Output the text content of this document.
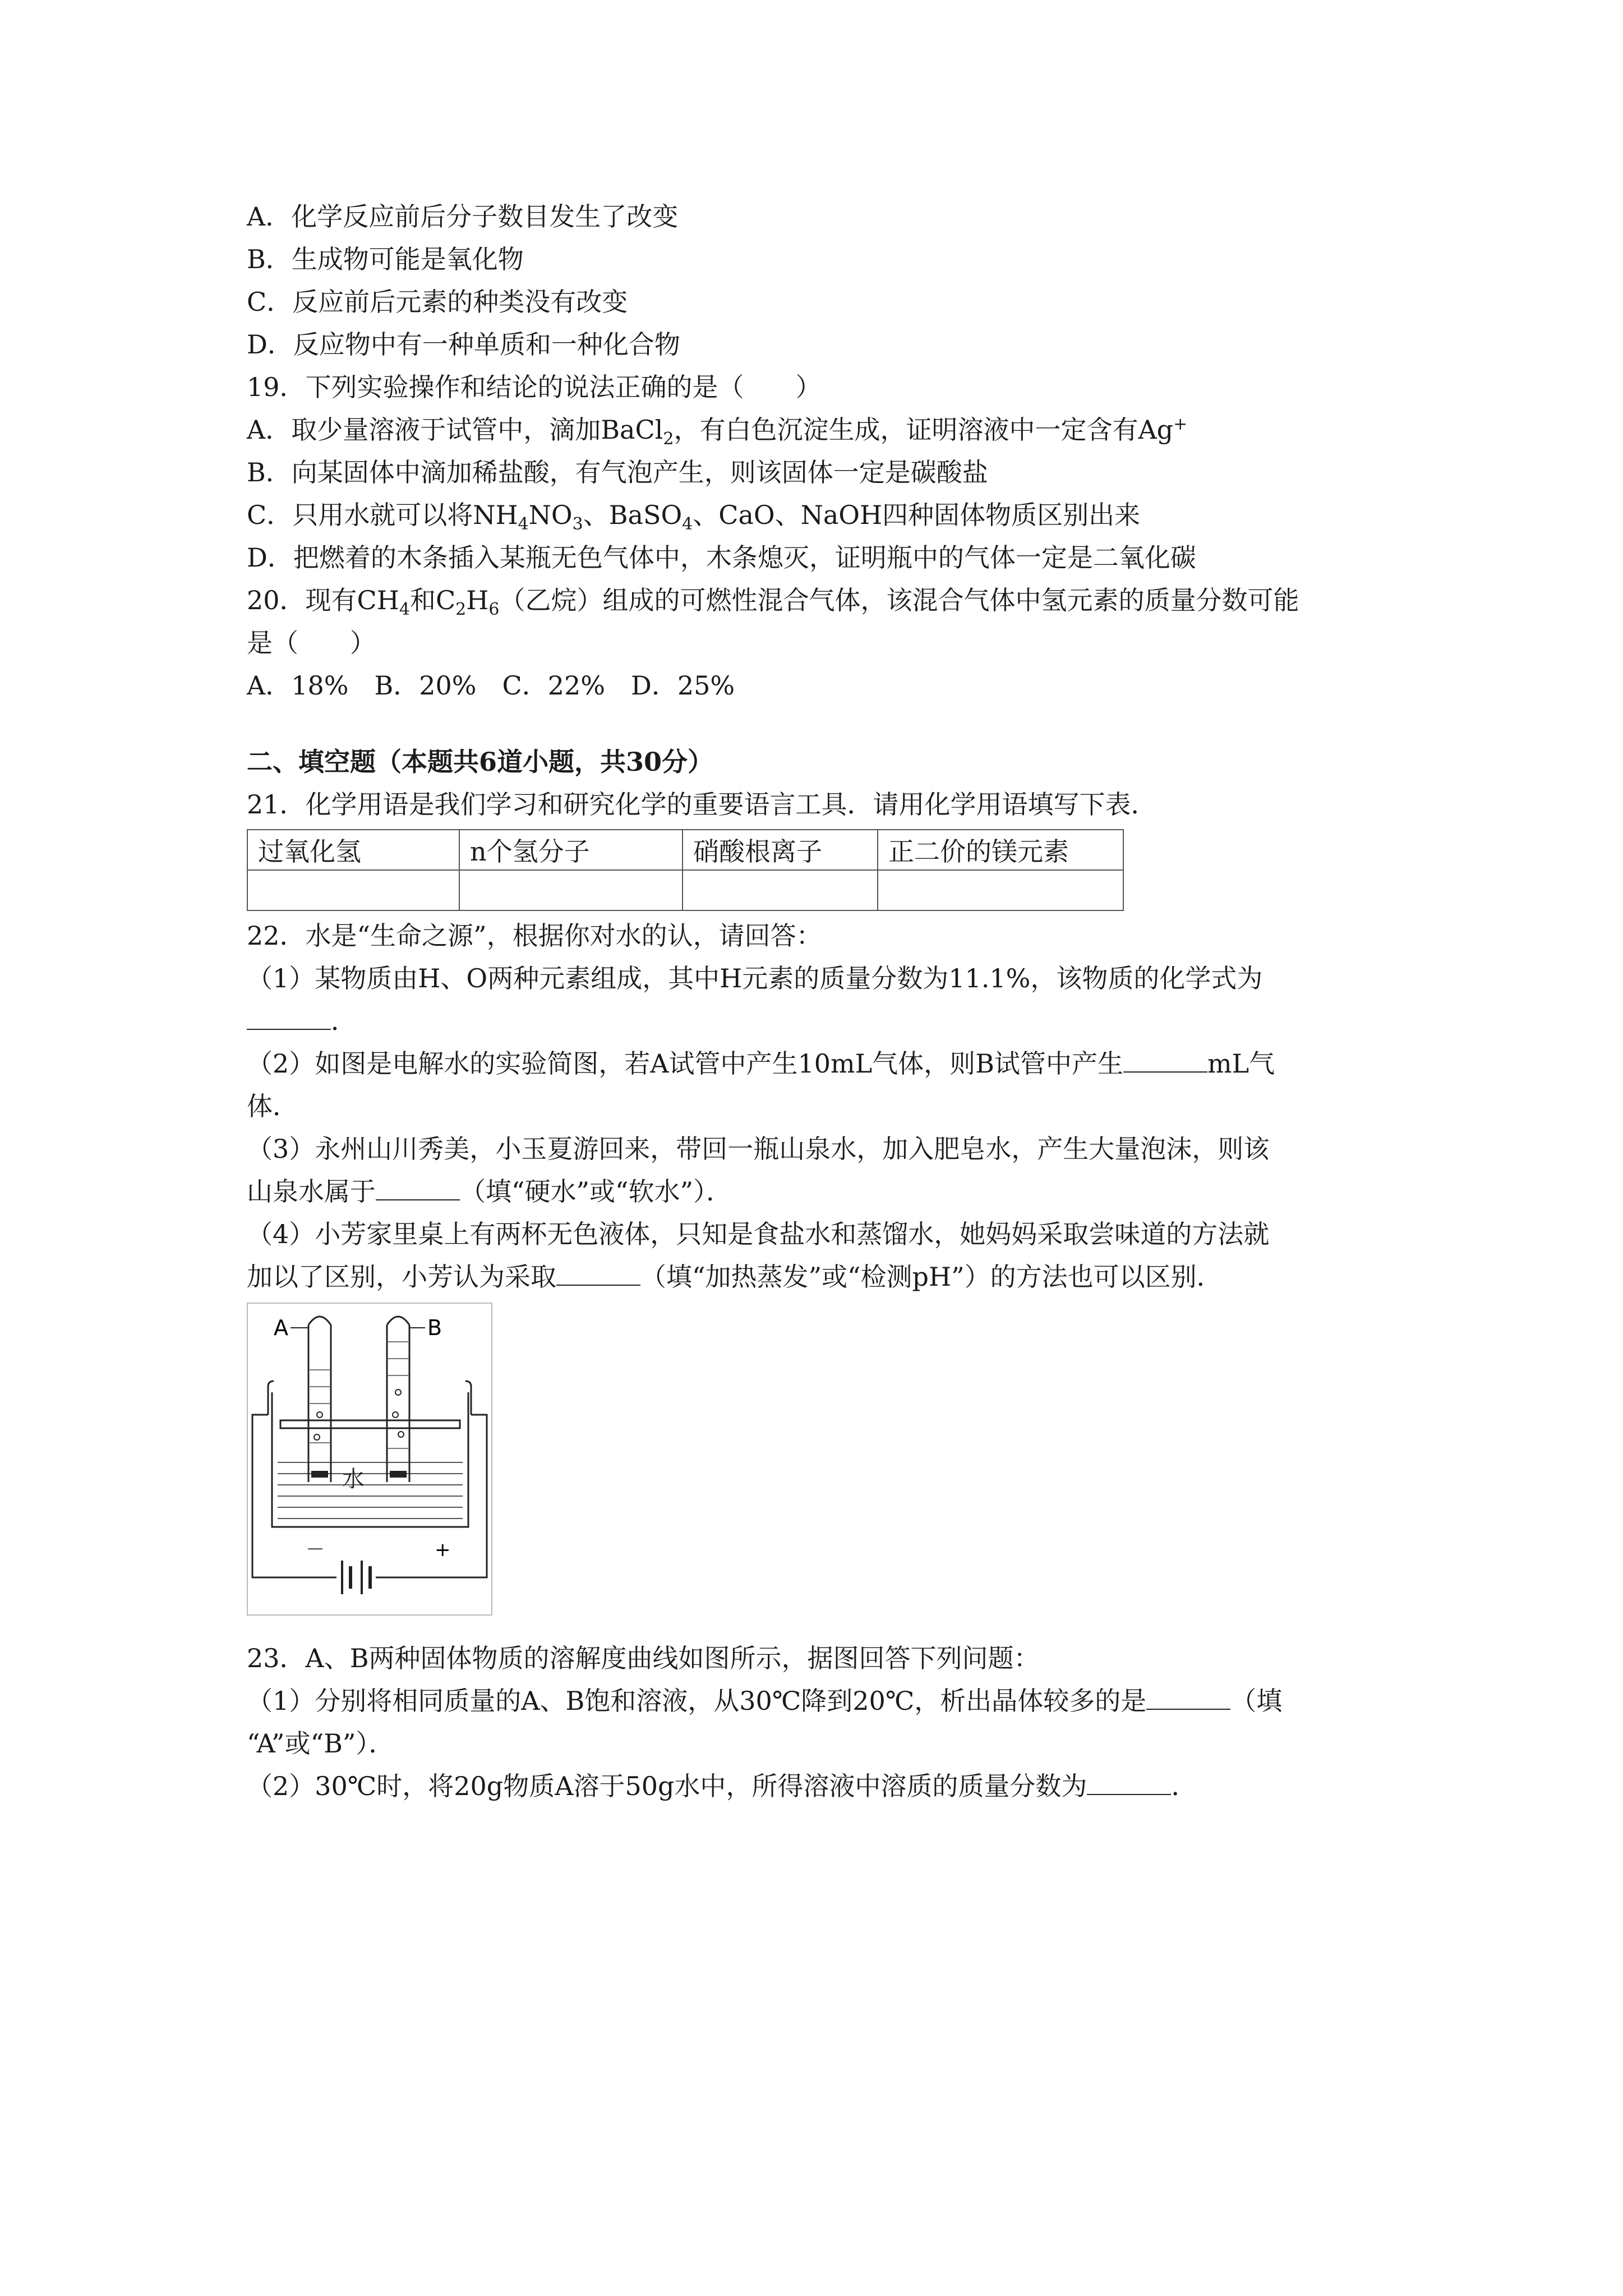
A．化学反应前后分子数目发生了改变
B．生成物可能是氧化物
C．反应前后元素的种类没有改变
D．反应物中有一种单质和一种化合物
19．下列实验操作和结论的说法正确的是（　　）
A．取少量溶液于试管中，滴加BaCl$_2$，有白色沉淀生成，证明溶液中一定含有Ag+
B．向某固体中滴加稀盐酸，有气泡产生，则该固体一定是碳酸盐
C．只用水就可以将$NH_4NO_3$、BaSO$_4$、CaO、NaOH四种固体物质区别出来
D．把燃着的木条插入某瓶无色气体中，木条熄灭，证明瓶中的气体一定是二氧化碳
20．现有$CH_4$和$C_2H_6$（乙烷）组成的可燃性混合气体，该混合气体中氢元素的质量分数可能
是（　　）
A．18%　B．20%　C．22%　D．25%
二、填空题（本题共6道小题，共30分）
21．化学用语是我们学习和研究化学的重要语言工具．请用化学用语填写下表．
过氧化氢	n个氢分子	硝酸根离子	正二价的镁元素

22．水是“生命之源”，根据你对水的认，请回答：
（1）某物质由H、O两种元素组成，其中H元素的质量分数为11.1%，该物质的化学式为
．
（2）如图是电解水的实验简图，若A试管中产生10mL气体，则B试管中产生	mL气
体．
（3）永州山川秀美，小玉夏游回来，带回一瓶山泉水，加入肥皂水，产生大量泡沫，则该
山泉水属于	（填“硬水”或“软水”）．
（4）小芳家里桌上有两杯无色液体，只知是食盐水和蒸馏水，她妈妈采取尝味道的方法就
加以了区别，小芳认为采取	（填“加热蒸发”或“检测pH”）的方法也可以区别．
－	+
水
A	B
23．A、B两种固体物质的溶解度曲线如图所示，据图回答下列问题：
（1）分别将相同质量的A、B饱和溶液，从30℃降到20℃，析出晶体较多的是	（填
“A”或“B”）．
（2）30℃时，将20g物质A溶于50g水中，所得溶液中溶质的质量分数为	．
